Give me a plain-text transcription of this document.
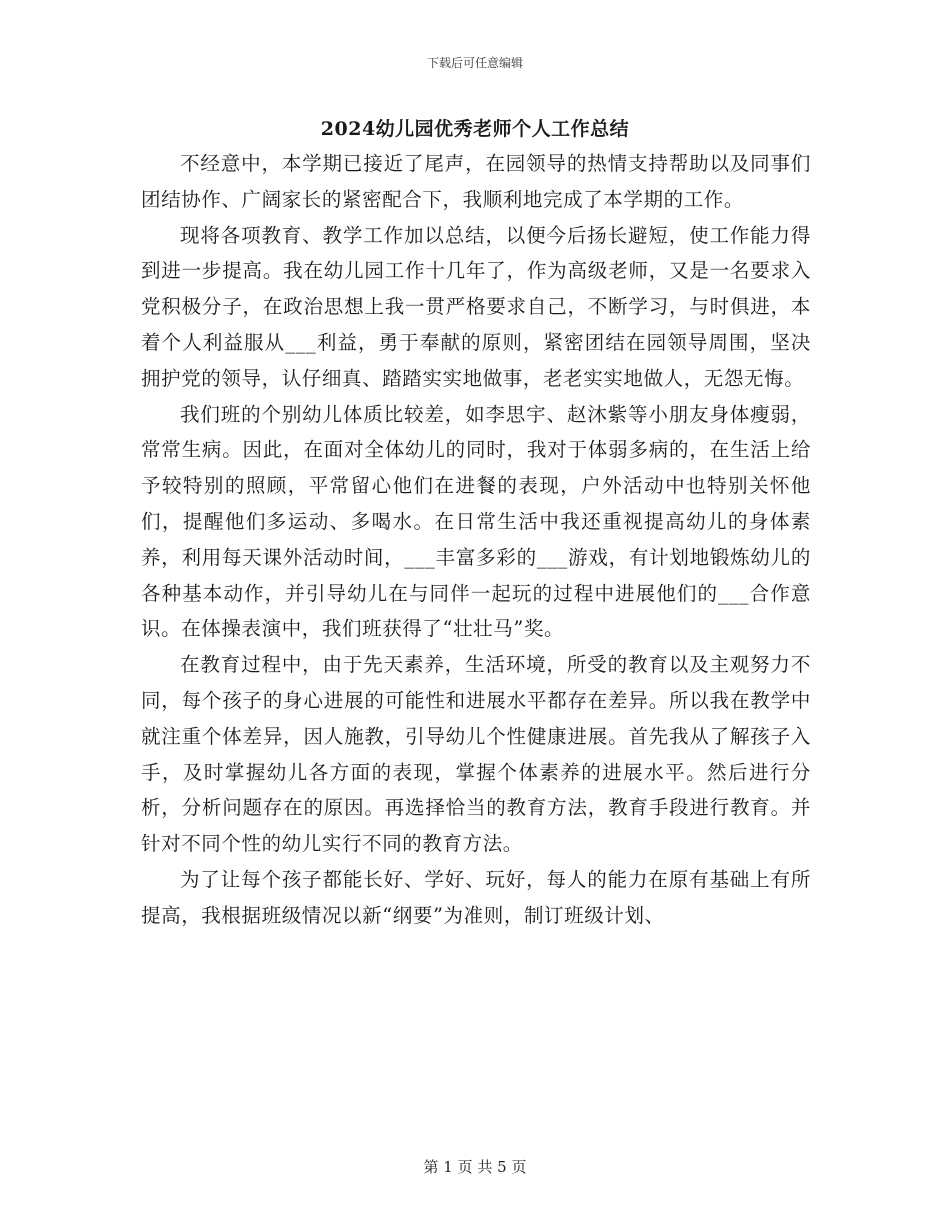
下载后可任意编辑
2024幼儿园优秀老师个人工作总结

不经意中，本学期已接近了尾声，在园领导的热情支持帮助以及同事们团结协作、广阔家长的紧密配合下，我顺利地完成了本学期的工作。

现将各项教育、教学工作加以总结，以便今后扬长避短，使工作能力得到进一步提高。我在幼儿园工作十几年了，作为高级老师，又是一名要求入党积极分子，在政治思想上我一贯严格要求自己，不断学习，与时俱进，本着个人利益服从___利益，勇于奉献的原则，紧密团结在园领导周围，坚决拥护党的领导，认仔细真、踏踏实实地做事，老老实实地做人，无怨无悔。

我们班的个别幼儿体质比较差，如李思宇、赵沐紫等小朋友身体瘦弱，常常生病。因此，在面对全体幼儿的同时，我对于体弱多病的，在生活上给予较特别的照顾，平常留心他们在进餐的表现，户外活动中也特别关怀他们，提醒他们多运动、多喝水。在日常生活中我还重视提高幼儿的身体素养，利用每天课外活动时间，___丰富多彩的___游戏，有计划地锻炼幼儿的各种基本动作，并引导幼儿在与同伴一起玩的过程中进展他们的___合作意识。在体操表演中，我们班获得了“壮壮马”奖。

在教育过程中，由于先天素养，生活环境，所受的教育以及主观努力不同，每个孩子的身心进展的可能性和进展水平都存在差异。所以我在教学中就注重个体差异，因人施教，引导幼儿个性健康进展。首先我从了解孩子入手，及时掌握幼儿各方面的表现，掌握个体素养的进展水平。然后进行分析，分析问题存在的原因。再选择恰当的教育方法，教育手段进行教育。并针对不同个性的幼儿实行不同的教育方法。

为了让每个孩子都能长好、学好、玩好，每人的能力在原有基础上有所提高，我根据班级情况以新“纲要”为准则，制订班级计划、

第 1 页 共 5 页
